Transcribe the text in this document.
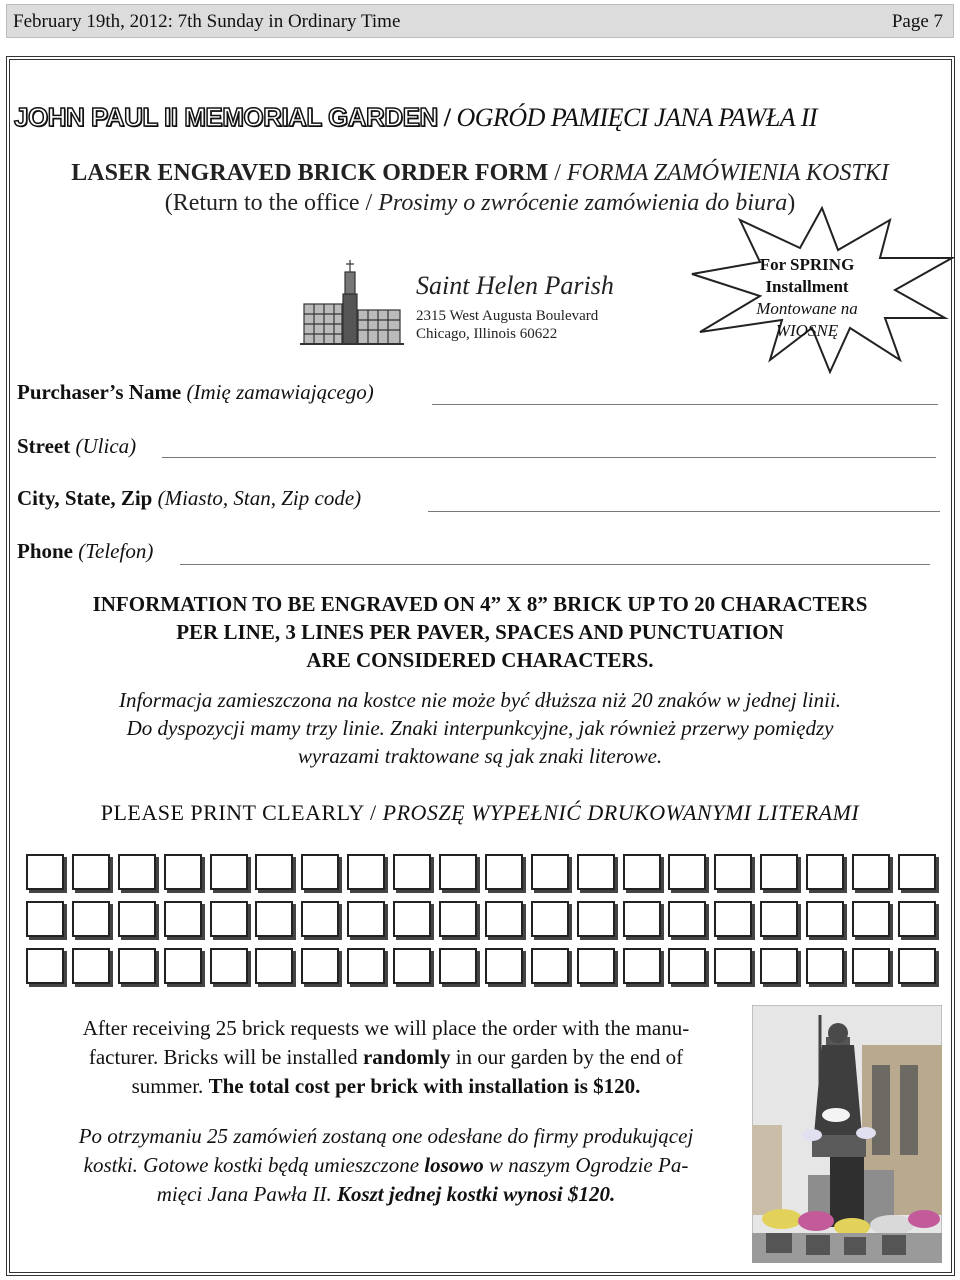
February 19th, 2012: 7th Sunday in Ordinary Time	Page 7
JOHN PAUL II MEMORIAL GARDEN / OGRÓD PAMIĘCI JANA PAWŁA II
LASER ENGRAVED BRICK ORDER FORM / FORMA ZAMÓWIENIA KOSTKI
(Return to the office / Prosimy o zwrócenie zamówienia do biura)
Saint Helen Parish
2315 West Augusta Boulevard
Chicago, Illinois 60622
For SPRING
Installment
Montowane na
WIOSNĘ
Purchaser’s Name (Imię zamawiającego)
Street (Ulica)
City, State, Zip (Miasto, Stan, Zip code)
Phone (Telefon)
INFORMATION TO BE ENGRAVED ON 4” X 8” BRICK UP TO 20 CHARACTERS
PER LINE, 3 LINES PER PAVER, SPACES AND PUNCTUATION
ARE CONSIDERED CHARACTERS.
Informacja zamieszczona na kostce nie może być dłuższa niż 20 znaków w jednej linii.
Do dyspozycji mamy trzy linie. Znaki interpunkcyjne, jak również przerwy pomiędzy
wyrazami traktowane są jak znaki literowe.
PLEASE PRINT CLEARLY / PROSZĘ WYPEŁNIĆ DRUKOWANYMI LITERAMI
After receiving 25 brick requests we will place the order with the manu-
facturer. Bricks will be installed randomly in our garden by the end of
summer. The total cost per brick with installation is $120.
Po otrzymaniu 25 zamówień zostaną one odesłane do firmy produkującej
kostki. Gotowe kostki będą umieszczone losowo w naszym Ogrodzie Pa-
mięci Jana Pawła II. Koszt jednej kostki wynosi $120.
